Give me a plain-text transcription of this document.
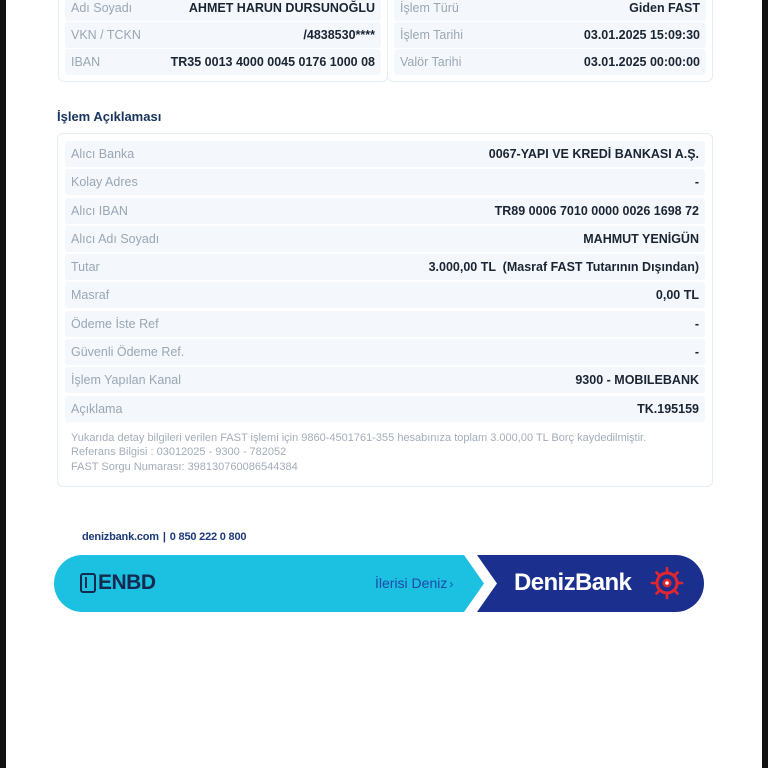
Adı Soyadı	AHMET HARUN DURSUNOĞLU
VKN / TCKN	/4838530****
IBAN	TR35 0013 4000 0045 0176 1000 08
İşlem Türü	Giden FAST
İşlem Tarihi	03.01.2025 15:09:30
Valör Tarihi	03.01.2025 00:00:00
İşlem Açıklaması
Alıcı Banka	0067-YAPI VE KREDİ BANKASI A.Ş.
Kolay Adres	-
Alıcı IBAN	TR89 0006 7010 0000 0026 1698 72
Alıcı Adı Soyadı	MAHMUT YENİGÜN
Tutar	3.000,00 TL  (Masraf FAST Tutarının Dışından)
Masraf	0,00 TL
Ödeme İste Ref	-
Güvenli Ödeme Ref.	-
İşlem Yapılan Kanal	9300 - MOBILEBANK
Açıklama	TK.195159
Yukarıda detay bilgileri verilen FAST işlemi için 9860-4501761-355 hesabınıza toplam 3.000,00 TL Borç kaydedilmiştir.
Referans Bilgisi : 03012025 - 9300 - 782052
FAST Sorgu Numarası: 398130760086544384
denizbank.com | 0 850 222 0 800
ENBD	İlerisi Deniz ›	DenizBank
